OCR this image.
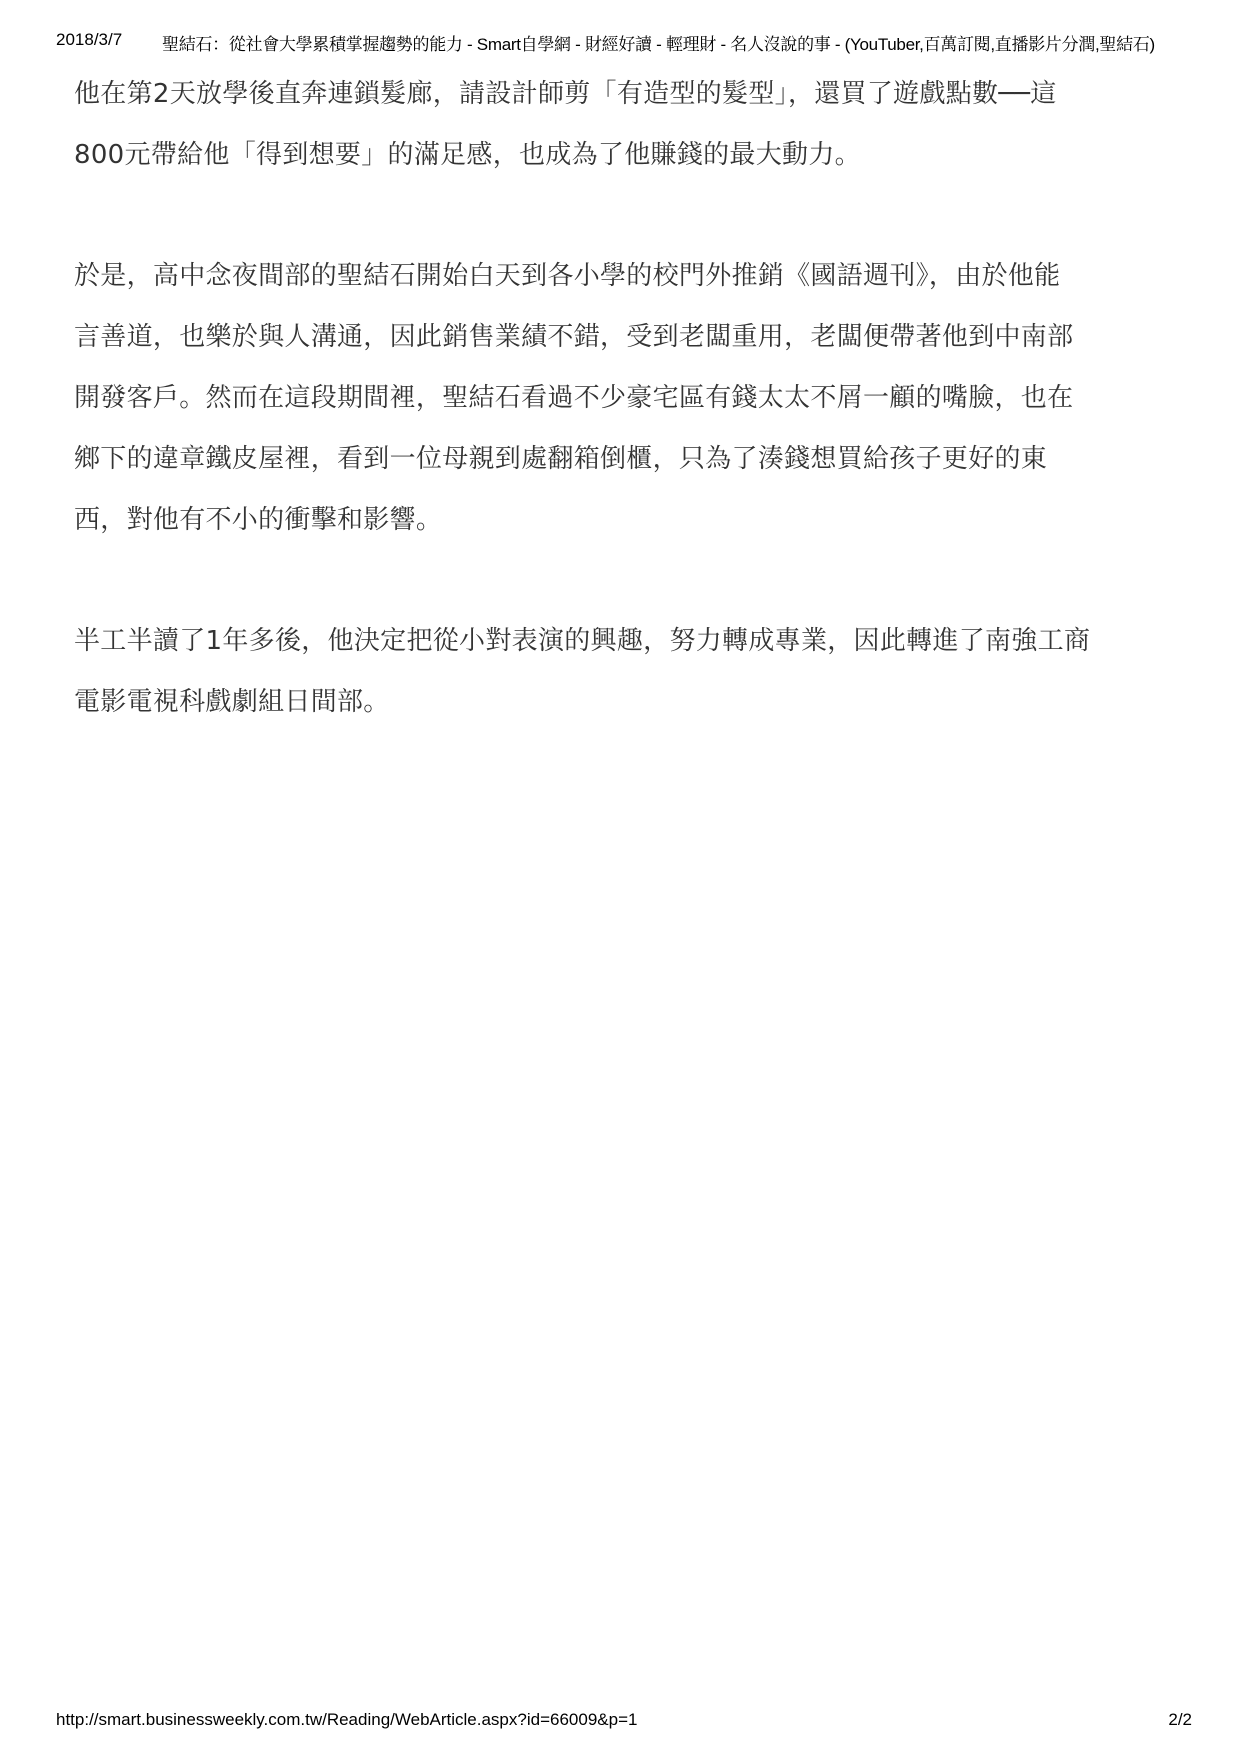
2018/3/7 聖結石：從社會大學累積掌握趨勢的能力 - Smart自學網 - 財經好讀 - 輕理財 - 名人沒說的事 - (YouTuber,百萬訂閱,直播影片分潤,聖結石)
他在第2天放學後直奔連鎖髮廊，請設計師剪「有造型的髮型」，還買了遊戲點數──這
800元帶給他「得到想要」的滿足感，也成為了他賺錢的最大動力。
於是，高中念夜間部的聖結石開始白天到各小學的校門外推銷《國語週刊》，由於他能
言善道，也樂於與人溝通，因此銷售業績不錯，受到老闆重用，老闆便帶著他到中南部
開發客戶。然而在這段期間裡，聖結石看過不少豪宅區有錢太太不屑一顧的嘴臉，也在
鄉下的違章鐵皮屋裡，看到一位母親到處翻箱倒櫃，只為了湊錢想買給孩子更好的東
西，對他有不小的衝擊和影響。
半工半讀了1年多後，他決定把從小對表演的興趣，努力轉成專業，因此轉進了南強工商
電影電視科戲劇組日間部。
http://smart.businessweekly.com.tw/Reading/WebArticle.aspx?id=66009&p=1	2/2
